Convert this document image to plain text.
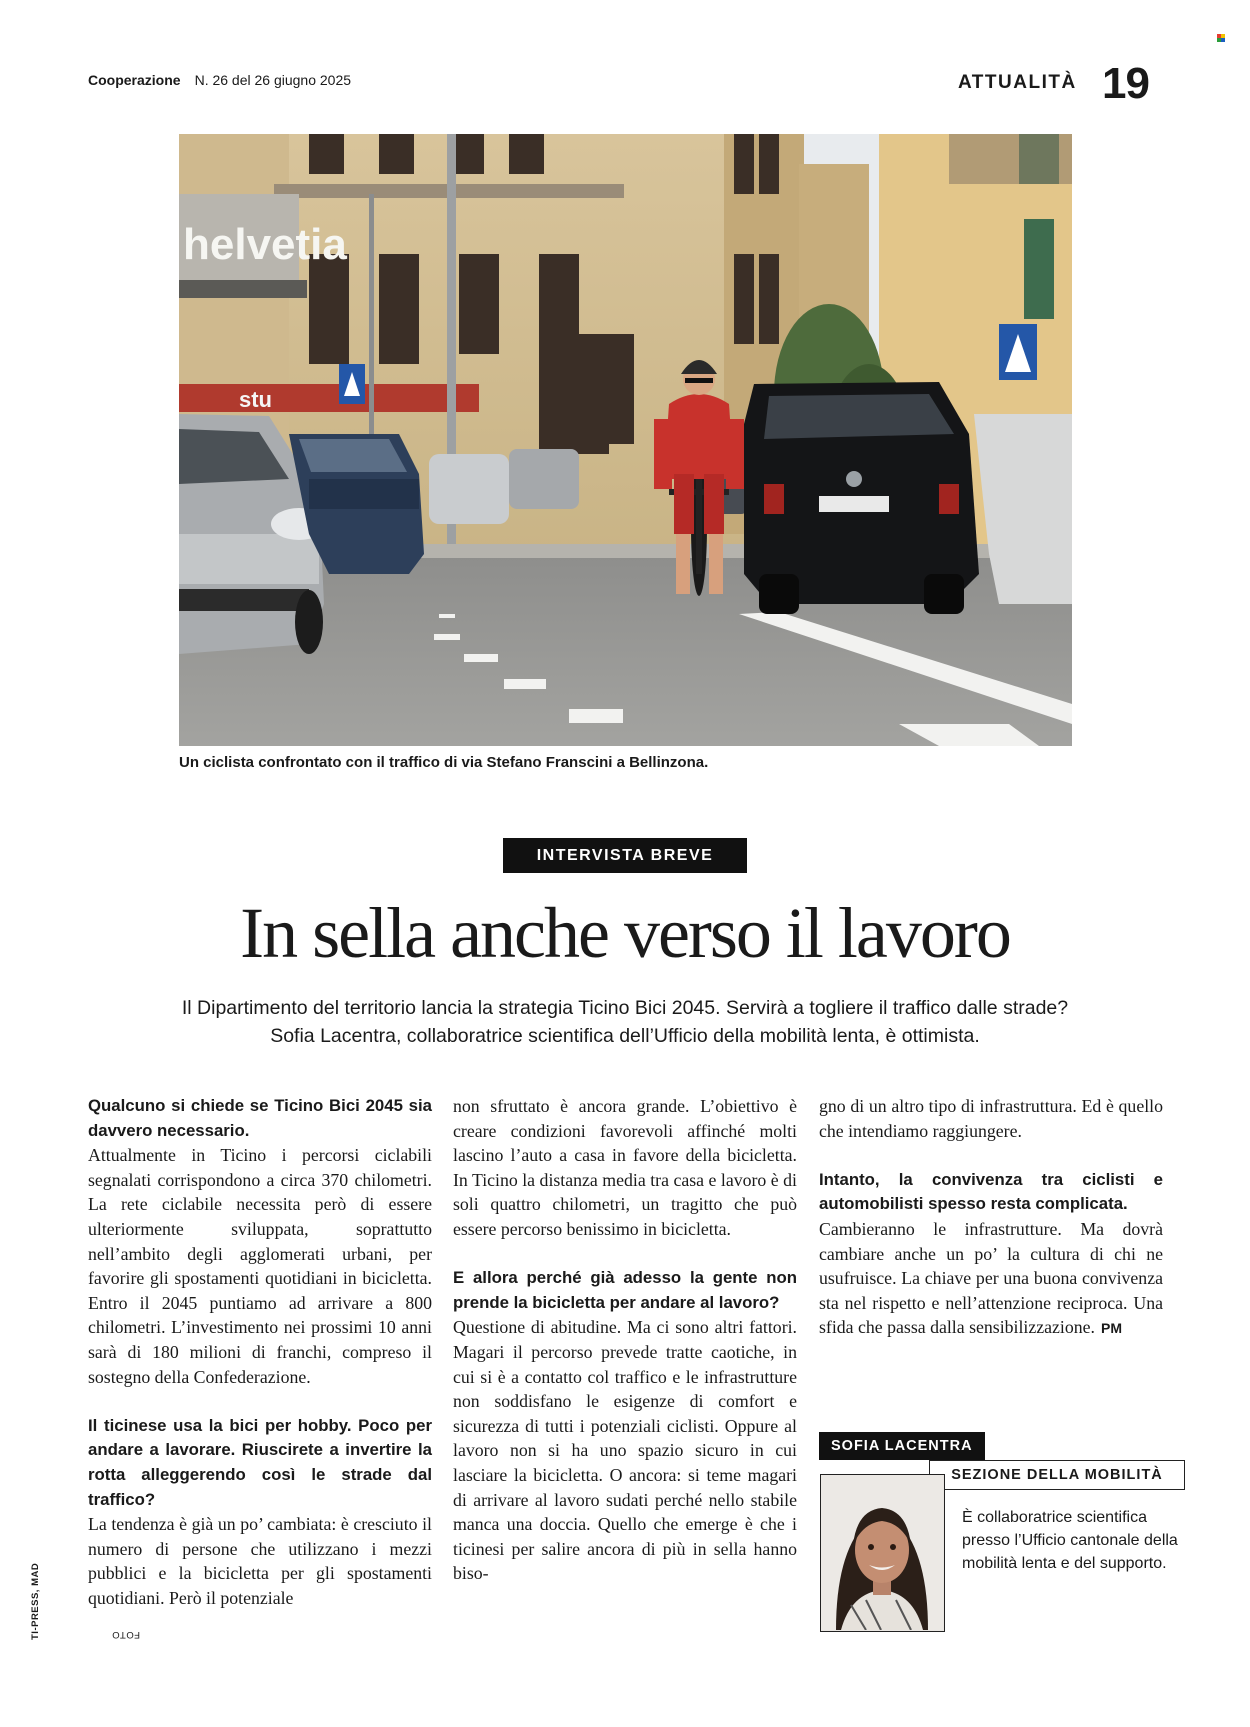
Cooperazione N. 26 del 26 giugno 2025	ATTUALITÀ 19
helvetia
stu
Un ciclista confrontato con il traffico di via Stefano Franscini a Bellinzona.
FOTO
TI-PRESS, MAD
INTERVISTA BREVE
In sella anche verso il lavoro
Il Dipartimento del territorio lancia la strategia Ticino Bici 2045. Servirà a togliere il traffico dalle strade?
Sofia Lacentra, collaboratrice scientifica dell’Ufficio della mobilità lenta, è ottimista.

Qualcuno si chiede se Ticino Bici 2045 sia davvero necessario.

Attualmente in Ticino i percorsi ciclabili segnalati corrispondono a circa 370 chilometri. La rete ciclabile necessita però di essere ulteriormente sviluppata, soprattutto nell’ambito degli agglomerati urbani, per favorire gli spostamenti quotidiani in bicicletta. Entro il 2045 puntiamo ad arrivare a 800 chilometri. L’investimento nei prossimi 10 anni sarà di 180 milioni di franchi, compreso il sostegno della Confederazione.

Il ticinese usa la bici per hobby. Poco per andare a lavorare. Riuscirete a invertire la rotta alleggerendo così le strade dal traffico?

La tendenza è già un po’ cambiata: è cresciuto il numero di persone che utilizzano i mezzi pubblici e la bicicletta per gli spostamenti quotidiani. Però il potenziale

non sfruttato è ancora grande. L’obiettivo è creare condizioni favorevoli affinché molti lascino l’auto a casa in favore della bicicletta. In Ticino la distanza media tra casa e lavoro è di soli quattro chilometri, un tragitto che può essere percorso benissimo in bicicletta.

E allora perché già adesso la gente non prende la bicicletta per andare al lavoro?

Questione di abitudine. Ma ci sono altri fattori. Magari il percorso prevede tratte caotiche, in cui si è a contatto col traffico e le infrastrutture non soddisfano le esigenze di comfort e sicurezza di tutti i potenziali ciclisti. Oppure al lavoro non si ha uno spazio sicuro in cui lasciare la bicicletta. O ancora: si teme magari di arrivare al lavoro sudati perché nello stabile manca una doccia. Quello che emerge è che i ticinesi per salire ancora di più in sella hanno biso-

gno di un altro tipo di infrastruttura. Ed è quello che intendiamo raggiungere.

Intanto, la convivenza tra ciclisti e automobilisti spesso resta complicata.

Cambieranno le infrastrutture. Ma dovrà cambiare anche un po’ la cultura di chi ne usufruisce. La chiave per una buona convivenza sta nel rispetto e nell’attenzione reciproca. Una sfida che passa dalla sensibilizzazione. PM

SOFIA LACENTRA
SEZIONE DELLA MOBILITÀ
È collaboratrice scientifica presso l’Ufficio cantonale della mobilità lenta e del supporto.
